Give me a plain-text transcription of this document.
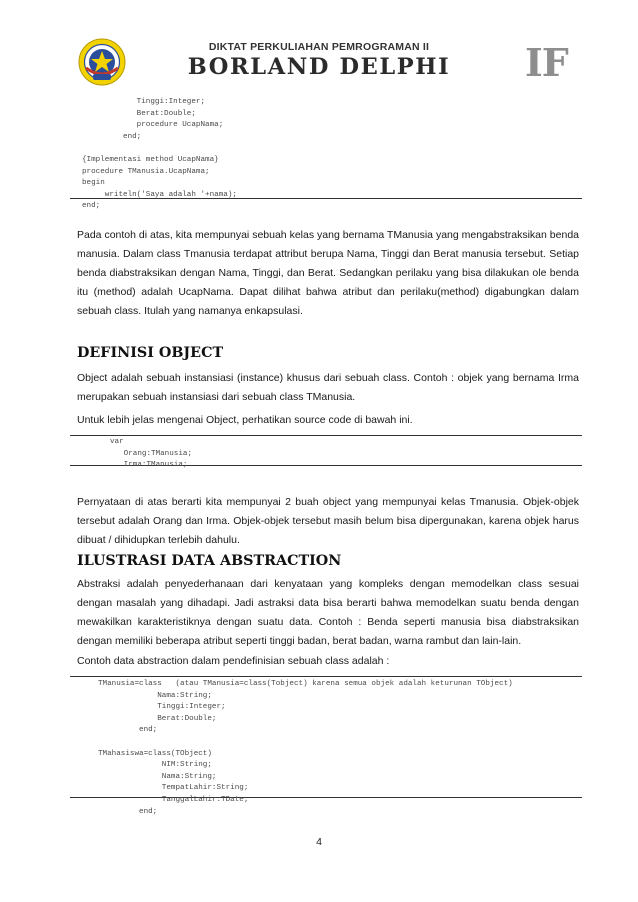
DIKTAT PERKULIAHAN PEMROGRAMAN II
BORLAND DELPHI	IF
Tinggi:Integer;
Berat:Double;
procedure UcapNama;
end;

{Implementasi method UcapNama}
procedure TManusia.UcapNama;
begin
writeln('Saya adalah '+nama);
end;

Pada contoh di atas, kita mempunyai sebuah kelas yang bernama TManusia yang mengabstraksikan benda manusia. Dalam class Tmanusia terdapat attribut berupa Nama, Tinggi dan Berat manusia tersebut. Setiap benda diabstraksikan dengan Nama, Tinggi, dan Berat. Sedangkan perilaku yang bisa dilakukan ole benda itu (method) adalah UcapNama. Dapat dilihat bahwa atribut dan perilaku(method) digabungkan dalam sebuah class. Itulah yang namanya enkapsulasi.

DEFINISI OBJECT

Object adalah sebuah instansiasi (instance) khusus dari sebuah class. Contoh : objek yang bernama Irma merupakan sebuah instansiasi dari sebuah class TManusia.

Untuk lebih jelas mengenai Object, perhatikan source code di bawah ini.

var
Orang:TManusia;
Irma:TManusia;

Pernyataan di atas berarti kita mempunyai 2 buah object yang mempunyai kelas Tmanusia. Objek-objek tersebut adalah Orang dan Irma. Objek-objek tersebut masih belum bisa dipergunakan, karena objek harus dibuat / dihidupkan terlebih dahulu.

ILUSTRASI DATA ABSTRACTION

Abstraksi adalah penyederhanaan dari kenyataan yang kompleks dengan memodelkan class sesuai dengan masalah yang dihadapi. Jadi astraksi data bisa berarti bahwa memodelkan suatu benda dengan mewakilkan karakteristiknya dengan suatu data. Contoh : Benda seperti manusia bisa diabstraksikan dengan memiliki beberapa atribut seperti tinggi badan, berat badan, warna rambut dan lain-lain.

Contoh data abstraction dalam pendefinisian sebuah class adalah :

TManusia=class   (atau TManusia=class(Tobject) karena semua objek adalah keturunan TObject)
Nama:String;
Tinggi:Integer;
Berat:Double;
end;

TMahasiswa=class(TObject)
NIM:String;
Nama:String;
TempatLahir:String;
TanggalLahir:TDate;
end;
4
